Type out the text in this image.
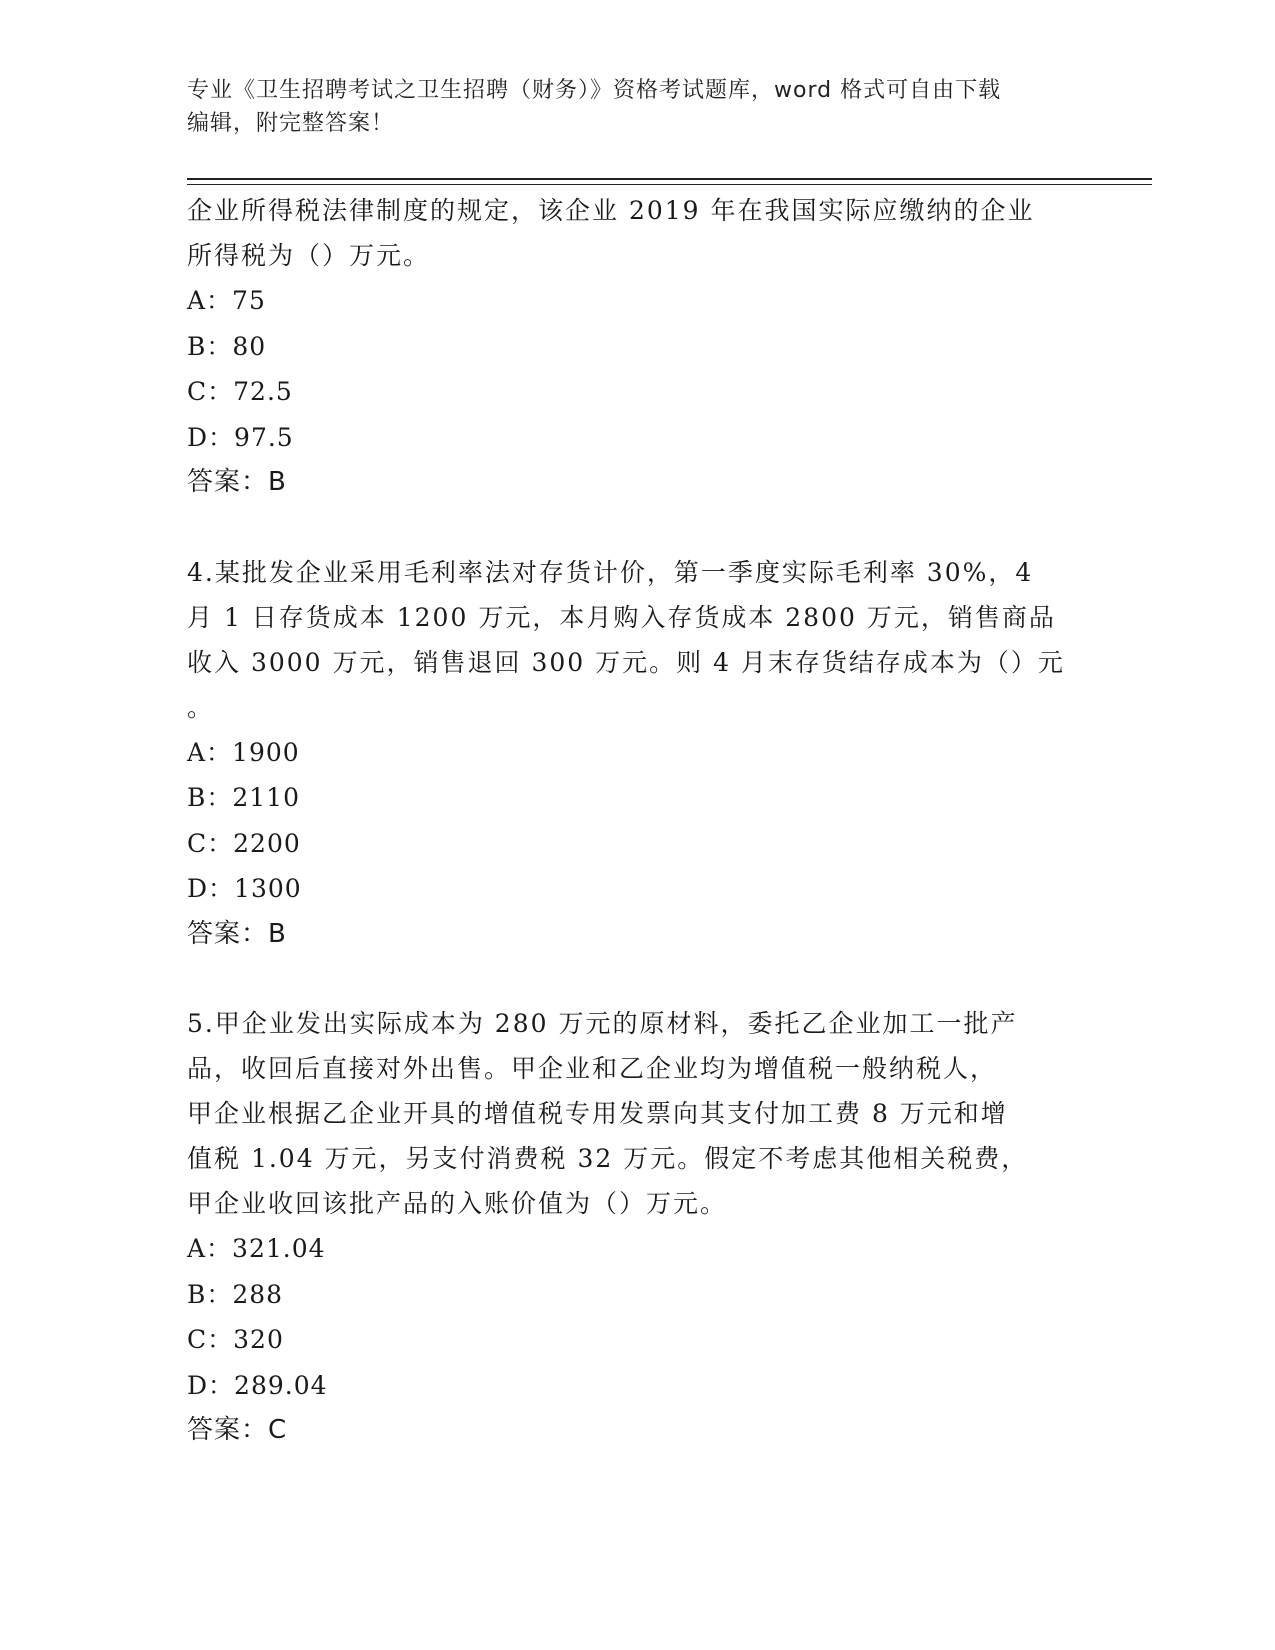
专业《卫生招聘考试之卫生招聘（财务）》资格考试题库，word 格式可自由下载
编辑，附完整答案！

企业所得税法律制度的规定，该企业 2019 年在我国实际应缴纳的企业

所得税为（）万元。

A：75

B：80

C：72.5

D：97.5

答案：B

4.某批发企业采用毛利率法对存货计价，第一季度实际毛利率 30%，4

月 1 日存货成本 1200 万元，本月购入存货成本 2800 万元，销售商品

收入 3000 万元，销售退回 300 万元。则 4 月末存货结存成本为（）元

。

A：1900

B：2110

C：2200

D：1300

答案：B

5.甲企业发出实际成本为 280 万元的原材料，委托乙企业加工一批产

品，收回后直接对外出售。甲企业和乙企业均为增值税一般纳税人，

甲企业根据乙企业开具的增值税专用发票向其支付加工费 8 万元和增

值税 1.04 万元，另支付消费税 32 万元。假定不考虑其他相关税费，

甲企业收回该批产品的入账价值为（）万元。

A：321.04

B：288

C：320

D：289.04

答案：C
